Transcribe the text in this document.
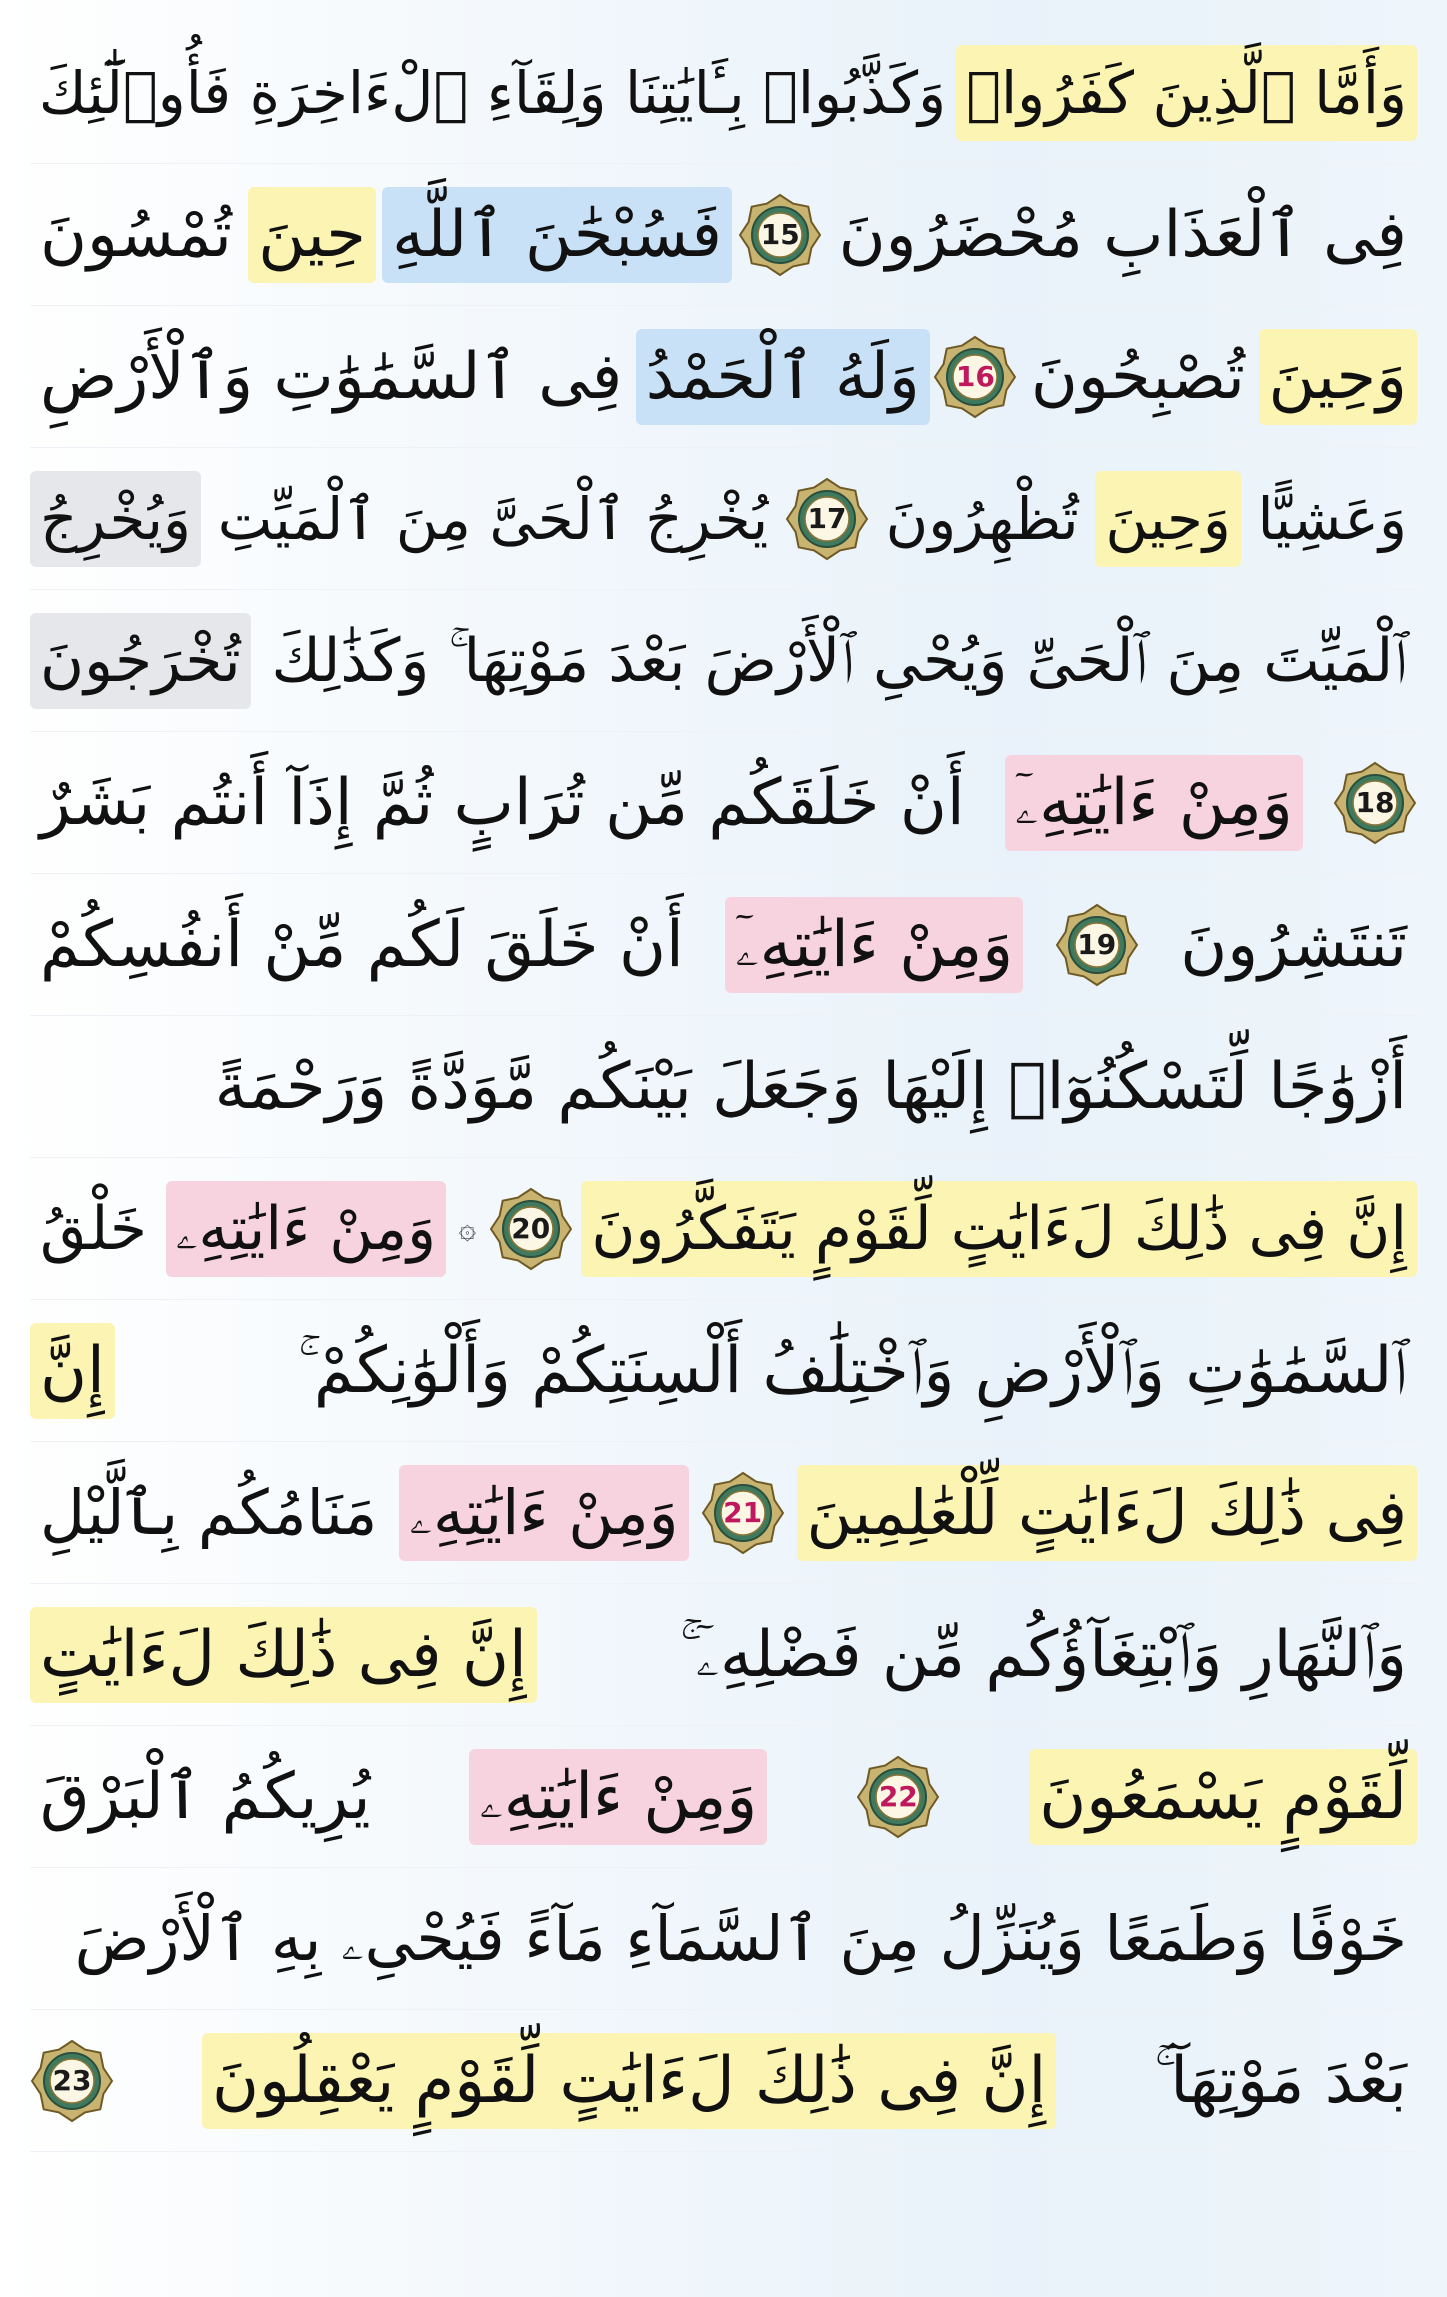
وَأَمَّا ٱلَّذِينَ كَفَرُوا۟
وَكَذَّبُوا۟ بِـَٔايَٰتِنَا وَلِقَآءِ ٱلْءَاخِرَةِ فَأُو۟لَٰٓئِكَ
فِى ٱلْعَذَابِ مُحْضَرُونَ
15
فَسُبْحَٰنَ ٱللَّهِ
حِينَ
تُمْسُونَ
وَحِينَ
تُصْبِحُونَ
16
وَلَهُ ٱلْحَمْدُ
فِى ٱلسَّمَٰوَٰتِ وَٱلْأَرْضِ
وَعَشِيًّا
وَحِينَ
تُظْهِرُونَ
17
يُخْرِجُ ٱلْحَىَّ مِنَ ٱلْمَيِّتِ
وَيُخْرِجُ
ٱلْمَيِّتَ مِنَ ٱلْحَىِّ وَيُحْىِ ٱلْأَرْضَ بَعْدَ مَوْتِهَا ۚ وَكَذَٰلِكَ
تُخْرَجُونَ
18
وَمِنْ ءَايَٰتِهِۦٓ
أَنْ خَلَقَكُم مِّن تُرَابٍ ثُمَّ إِذَآ أَنتُم بَشَرٌ
تَنتَشِرُونَ
19
وَمِنْ ءَايَٰتِهِۦٓ
أَنْ خَلَقَ لَكُم مِّنْ أَنفُسِكُمْ
أَزْوَٰجًا لِّتَسْكُنُوٓا۟ إِلَيْهَا وَجَعَلَ بَيْنَكُم مَّوَدَّةً وَرَحْمَةً
إِنَّ فِى ذَٰلِكَ لَءَايَٰتٍ لِّقَوْمٍ يَتَفَكَّرُونَ
20
۞
وَمِنْ ءَايَٰتِهِۦ
خَلْقُ
ٱلسَّمَٰوَٰتِ وَٱلْأَرْضِ وَٱخْتِلَٰفُ أَلْسِنَتِكُمْ وَأَلْوَٰنِكُمْ ۚ
إِنَّ
فِى ذَٰلِكَ لَءَايَٰتٍ لِّلْعَٰلِمِينَ
21
وَمِنْ ءَايَٰتِهِۦ
مَنَامُكُم بِٱلَّيْلِ
وَٱلنَّهَارِ وَٱبْتِغَآؤُكُم مِّن فَضْلِهِۦٓ ۚ
إِنَّ فِى ذَٰلِكَ لَءَايَٰتٍ
لِّقَوْمٍ يَسْمَعُونَ
22
وَمِنْ ءَايَٰتِهِۦ
يُرِيكُمُ ٱلْبَرْقَ
خَوْفًا وَطَمَعًا وَيُنَزِّلُ مِنَ ٱلسَّمَآءِ مَآءً فَيُحْىِۦ بِهِ ٱلْأَرْضَ
بَعْدَ مَوْتِهَآ ۚ
إِنَّ فِى ذَٰلِكَ لَءَايَٰتٍ لِّقَوْمٍ يَعْقِلُونَ
23
